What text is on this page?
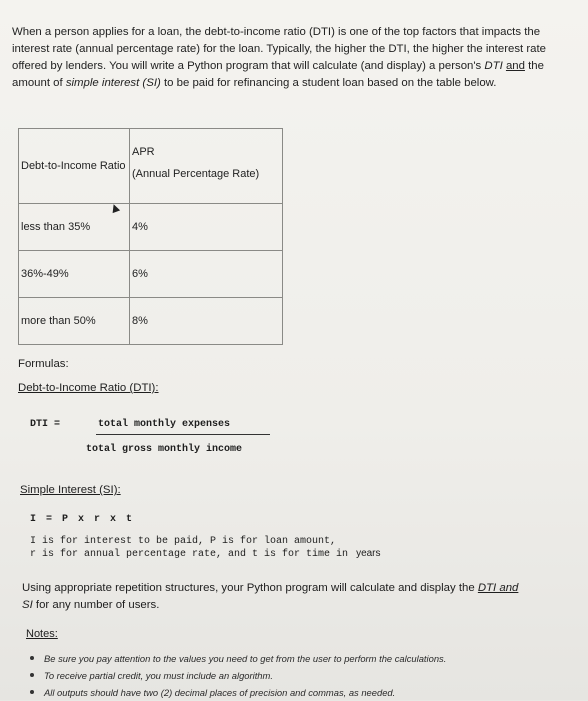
When a person applies for a loan, the debt-to-income ratio (DTI) is one of the top factors that impacts the interest rate (annual percentage rate) for the loan. Typically, the higher the DTI, the higher the interest rate offered by lenders. You will write a Python program that will calculate (and display) a person's DTI and the amount of simple interest (SI) to be paid for refinancing a student loan based on the table below.
Debt-to-Income Ratio	APR
(Annual Percentage Rate)

less than 35%	4%
36%-49%	6%
more than 50%	8%
Formulas:
Debt-to-Income Ratio (DTI):
DTI =	total monthly expenses
total gross monthly income
Simple Interest (SI):
I = P x r x t
I is for interest to be paid, P is for loan amount,
r is for annual percentage rate, and t is for time in years
Using appropriate repetition structures, your Python program will calculate and display the DTI and
SI for any number of users.
Notes:
Be sure you pay attention to the values you need to get from the user to perform the calculations.
To receive partial credit, you must include an algorithm.
All outputs should have two (2) decimal places of precision and commas, as needed.
